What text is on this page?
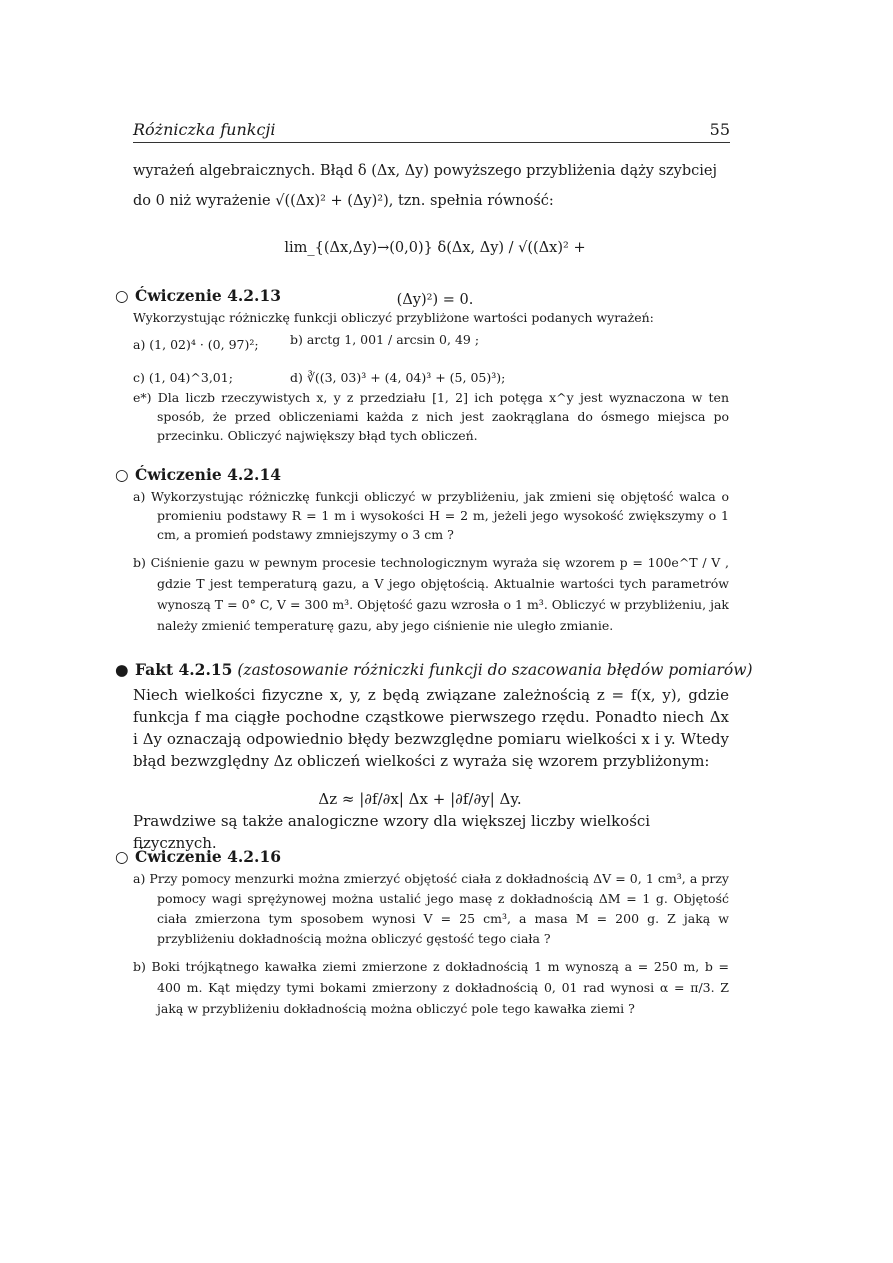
Różniczka funkcji	55
wyrażeń algebraicznych. Błąd δ (Δx, Δy) powyższego przybliżenia dąży szybciej
do 0 niż wyrażenie √((Δx)² + (Δy)²), tzn. spełnia równość:
lim_{(Δx,Δy)→(0,0)} δ(Δx, Δy) / √((Δx)² + (Δy)²) = 0.
○ Ćwiczenie 4.2.13
Wykorzystując różniczkę funkcji obliczyć przybliżone wartości podanych wyrażeń:
a) (1, 02)⁴ · (0, 97)²;	b) arctg 1, 001 / arcsin 0, 49 ;
c) (1, 04)^3,01;	d) ∛((3, 03)³ + (4, 04)³ + (5, 05)³);
e*) Dla liczb rzeczywistych x, y z przedziału [1, 2] ich potęga x^y jest wyznaczona w ten sposób, że przed obliczeniami każda z nich jest zaokrąglana do ósmego miejsca po przecinku. Obliczyć największy błąd tych obliczeń.
○ Ćwiczenie 4.2.14
a) Wykorzystując różniczkę funkcji obliczyć w przybliżeniu, jak zmieni się objętość walca o promieniu podstawy R = 1 m i wysokości H = 2 m, jeżeli jego wysokość zwiększymy o 1 cm, a promień podstawy zmniejszymy o 3 cm ?
b) Ciśnienie gazu w pewnym procesie technologicznym wyraża się wzorem p = 100e^T / V , gdzie T jest temperaturą gazu, a V jego objętością. Aktualnie wartości tych parametrów wynoszą T = 0° C, V = 300 m³. Objętość gazu wzrosła o 1 m³. Obliczyć w przybliżeniu, jak należy zmienić temperaturę gazu, aby jego ciśnienie nie uległo zmianie.
● Fakt 4.2.15 (zastosowanie różniczki funkcji do szacowania błędów pomiarów)
Niech wielkości fizyczne x, y, z będą związane zależnością z = f(x, y), gdzie funkcja f ma ciągłe pochodne cząstkowe pierwszego rzędu. Ponadto niech Δx i Δy oznaczają odpowiednio błędy bezwzględne pomiaru wielkości x i y. Wtedy błąd bezwzględny Δz obliczeń wielkości z wyraża się wzorem przybliżonym:
Δz ≈ |∂f/∂x| Δx + |∂f/∂y| Δy.
Prawdziwe są także analogiczne wzory dla większej liczby wielkości fizycznych.
○ Ćwiczenie 4.2.16
a) Przy pomocy menzurki można zmierzyć objętość ciała z dokładnością ΔV = 0, 1 cm³, a przy pomocy wagi sprężynowej można ustalić jego masę z dokładnością ΔM = 1 g. Objętość ciała zmierzona tym sposobem wynosi V = 25 cm³, a masa M = 200 g. Z jaką w przybliżeniu dokładnością można obliczyć gęstość tego ciała ?
b) Boki trójkątnego kawałka ziemi zmierzone z dokładnością 1 m wynoszą a = 250 m, b = 400 m. Kąt między tymi bokami zmierzony z dokładnością 0, 01 rad wynosi α = π/3. Z jaką w przybliżeniu dokładnością można obliczyć pole tego kawałka ziemi ?
